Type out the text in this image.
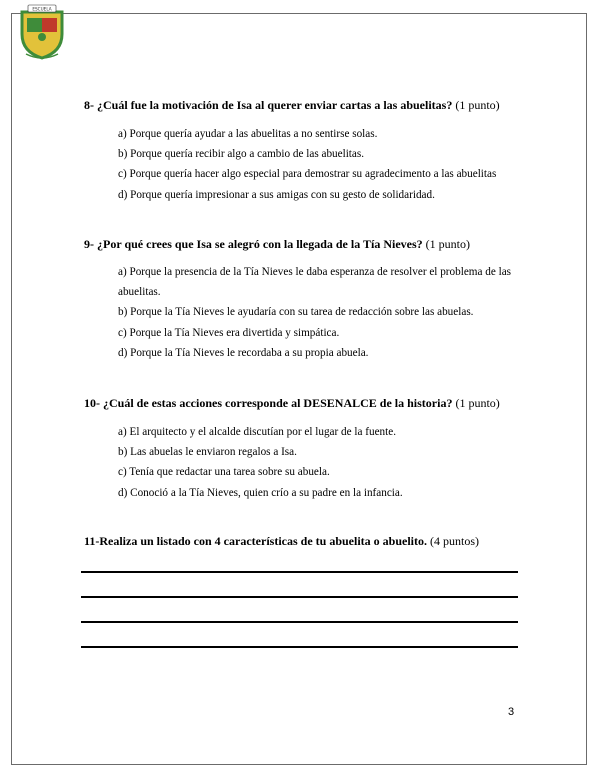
ESCUELA
8- ¿Cuál fue la motivación de Isa al querer enviar cartas a las abuelitas? (1 punto)
a) Porque quería ayudar a las abuelitas a no sentirse solas.
b) Porque quería recibir algo a cambio de las abuelitas.
c) Porque quería hacer algo especial para demostrar su agradecimento a las abuelitas
d) Porque quería impresionar a sus amigas con su gesto de solidaridad.
9- ¿Por qué crees que Isa se alegró con la llegada de la Tía Nieves? (1 punto)
a) Porque la presencia de la Tía Nieves le daba esperanza de resolver el problema de las abuelitas.
b) Porque la Tía Nieves le ayudaría con su tarea de redacción sobre las abuelas.
c) Porque la Tía Nieves era divertida y simpática.
d) Porque la Tía Nieves le recordaba a su propia abuela.
10- ¿Cuál de estas acciones corresponde al DESENALCE de la historia? (1 punto)
a) El arquitecto y el alcalde discutían por el lugar de la fuente.
b) Las abuelas le enviaron regalos a Isa.
c) Tenía que redactar una tarea sobre su abuela.
d) Conoció a la Tía Nieves, quien crío a su padre en la infancia.
11-Realiza un listado con 4 características de tu abuelita o abuelito. (4 puntos)
3
